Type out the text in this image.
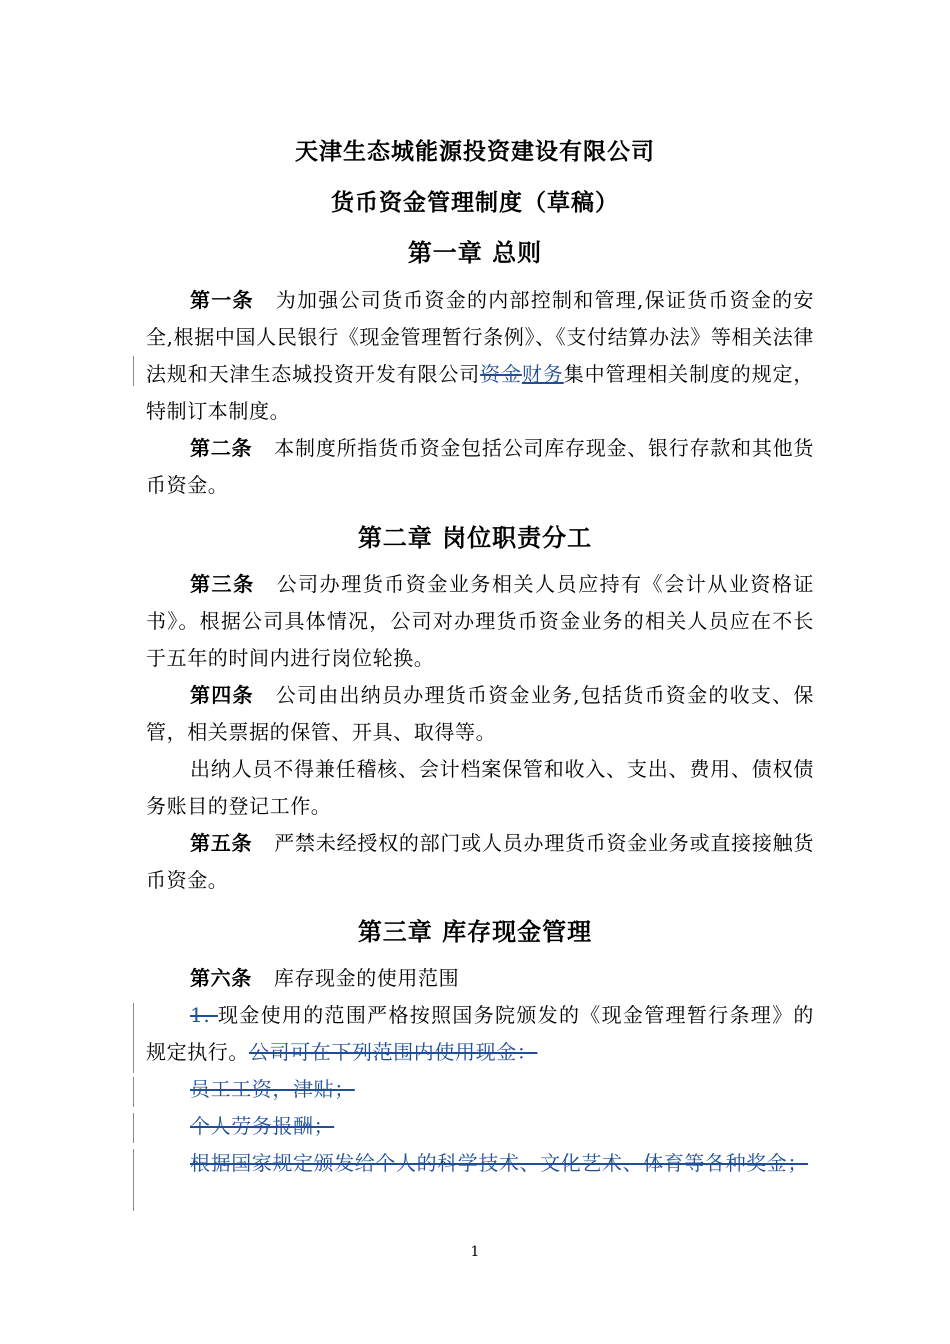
天津生态城能源投资建设有限公司
货币资金管理制度（草稿）
第一章 总则

第一条 为加强公司货币资金的内部控制和管理,保证货币资金的安全,根据中国人民银行《现金管理暂行条例》、《支付结算办法》等相关法律法规和天津生态城投资开发有限公司资金财务集中管理相关制度的规定，特制订本制度。

第二条 本制度所指货币资金包括公司库存现金、银行存款和其他货币资金。

第二章 岗位职责分工

第三条 公司办理货币资金业务相关人员应持有《会计从业资格证书》。根据公司具体情况，公司对办理货币资金业务的相关人员应在不长于五年的时间内进行岗位轮换。

第四条 公司由出纳员办理货币资金业务,包括货币资金的收支、保管，相关票据的保管、开具、取得等。

出纳人员不得兼任稽核、会计档案保管和收入、支出、费用、债权债务账目的登记工作。

第五条 严禁未经授权的部门或人员办理货币资金业务或直接接触货币资金。

第三章 库存现金管理

第六条 库存现金的使用范围

1. 现金使用的范围严格按照国务院颁发的《现金管理暂行条理》的规定执行。公司可在下列范围内使用现金：

员工工资，津贴；

个人劳务报酬；

根据国家规定颁发给个人的科学技术、文化艺术、体育等各种奖金；

1
